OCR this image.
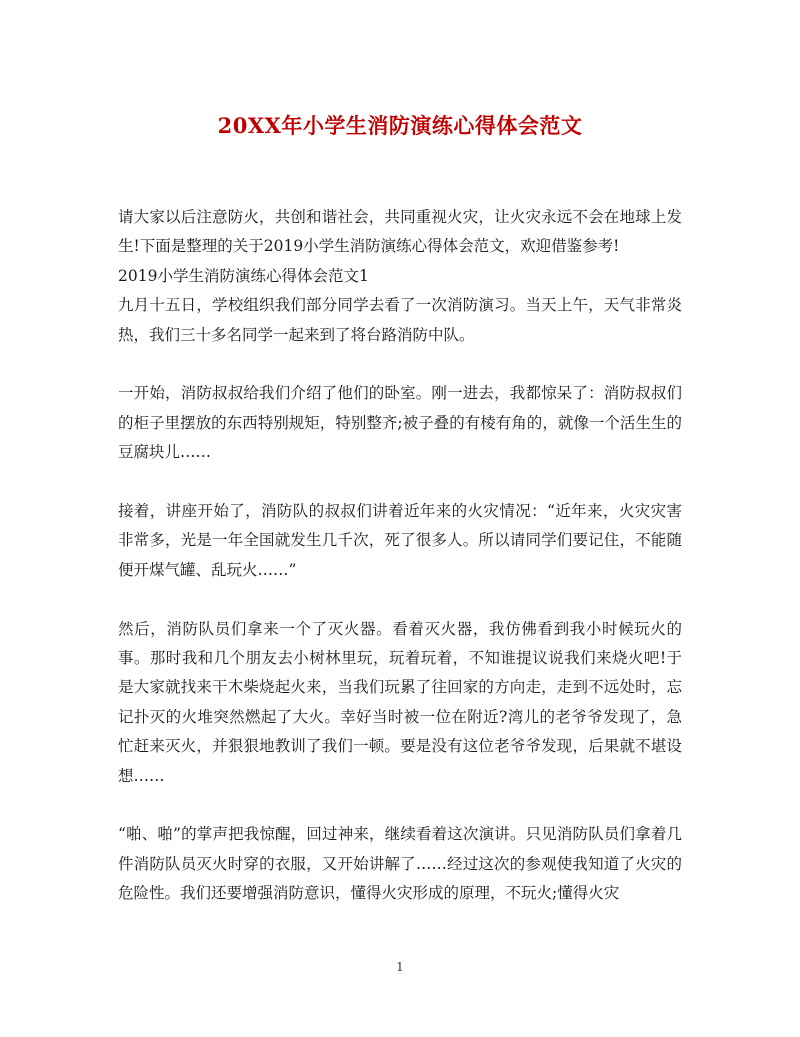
20XX年小学生消防演练心得体会范文

请大家以后注意防火，共创和谐社会，共同重视火灾，让火灾永远不会在地球上发生!下面是整理的关于2019小学生消防演练心得体会范文，欢迎借鉴参考!

2019小学生消防演练心得体会范文1

九月十五日，学校组织我们部分同学去看了一次消防演习。当天上午，天气非常炎热，我们三十多名同学一起来到了将台路消防中队。

一开始，消防叔叔给我们介绍了他们的卧室。刚一进去，我都惊呆了：消防叔叔们的柜子里摆放的东西特别规矩，特别整齐;被子叠的有棱有角的，就像一个活生生的豆腐块儿……

接着，讲座开始了，消防队的叔叔们讲着近年来的火灾情况：“近年来，火灾灾害非常多，光是一年全国就发生几千次，死了很多人。所以请同学们要记住，不能随便开煤气罐、乱玩火……”

然后，消防队员们拿来一个了灭火器。看着灭火器，我仿佛看到我小时候玩火的事。那时我和几个朋友去小树林里玩，玩着玩着，不知谁提议说我们来烧火吧!于是大家就找来干木柴烧起火来，当我们玩累了往回家的方向走，走到不远处时，忘记扑灭的火堆突然燃起了大火。幸好当时被一位在附近?湾儿的老爷爷发现了，急忙赶来灭火，并狠狠地教训了我们一顿。要是没有这位老爷爷发现，后果就不堪设想……

“啪、啪”的掌声把我惊醒，回过神来，继续看着这次演讲。只见消防队员们拿着几件消防队员灭火时穿的衣服，又开始讲解了……经过这次的参观使我知道了火灾的危险性。我们还要增强消防意识，懂得火灾形成的原理，不玩火;懂得火灾

1
